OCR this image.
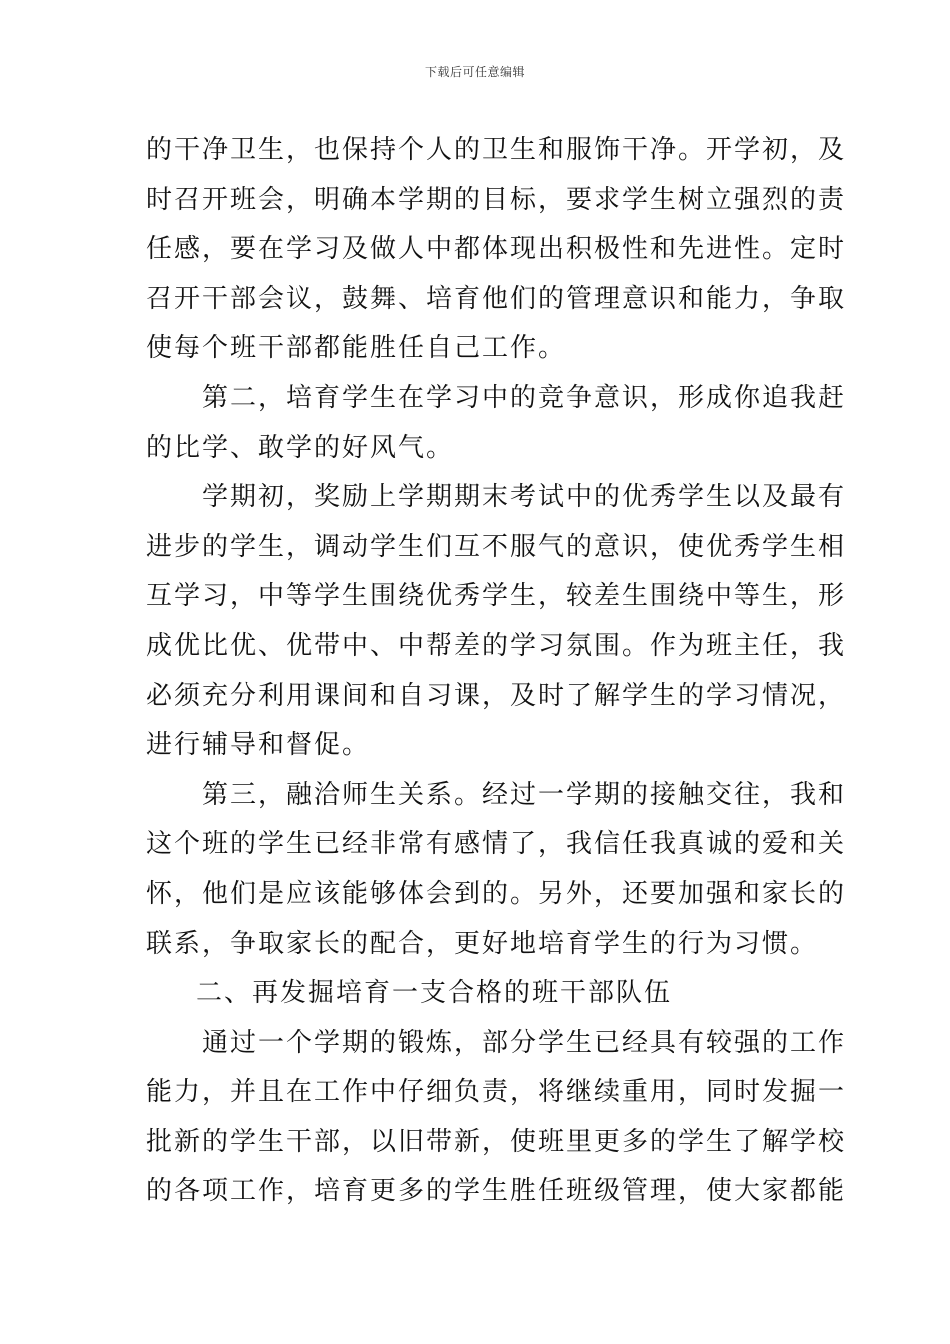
下载后可任意编辑

的干净卫生，也保持个人的卫生和服饰干净。开学初，及
时召开班会，明确本学期的目标，要求学生树立强烈的责
任感，要在学习及做人中都体现出积极性和先进性。定时
召开干部会议，鼓舞、培育他们的管理意识和能力，争取
使每个班干部都能胜任自己工作。

第二，培育学生在学习中的竞争意识，形成你追我赶
的比学、敢学的好风气。

学期初，奖励上学期期末考试中的优秀学生以及最有
进步的学生，调动学生们互不服气的意识，使优秀学生相
互学习，中等学生围绕优秀学生，较差生围绕中等生，形
成优比优、优带中、中帮差的学习氛围。作为班主任，我
必须充分利用课间和自习课，及时了解学生的学习情况，
进行辅导和督促。

第三，融洽师生关系。经过一学期的接触交往，我和
这个班的学生已经非常有感情了，我信任我真诚的爱和关
怀，他们是应该能够体会到的。另外，还要加强和家长的
联系，争取家长的配合，更好地培育学生的行为习惯。

二、再发掘培育一支合格的班干部队伍

通过一个学期的锻炼，部分学生已经具有较强的工作
能力，并且在工作中仔细负责，将继续重用，同时发掘一
批新的学生干部，以旧带新，使班里更多的学生了解学校
的各项工作，培育更多的学生胜任班级管理，使大家都能
